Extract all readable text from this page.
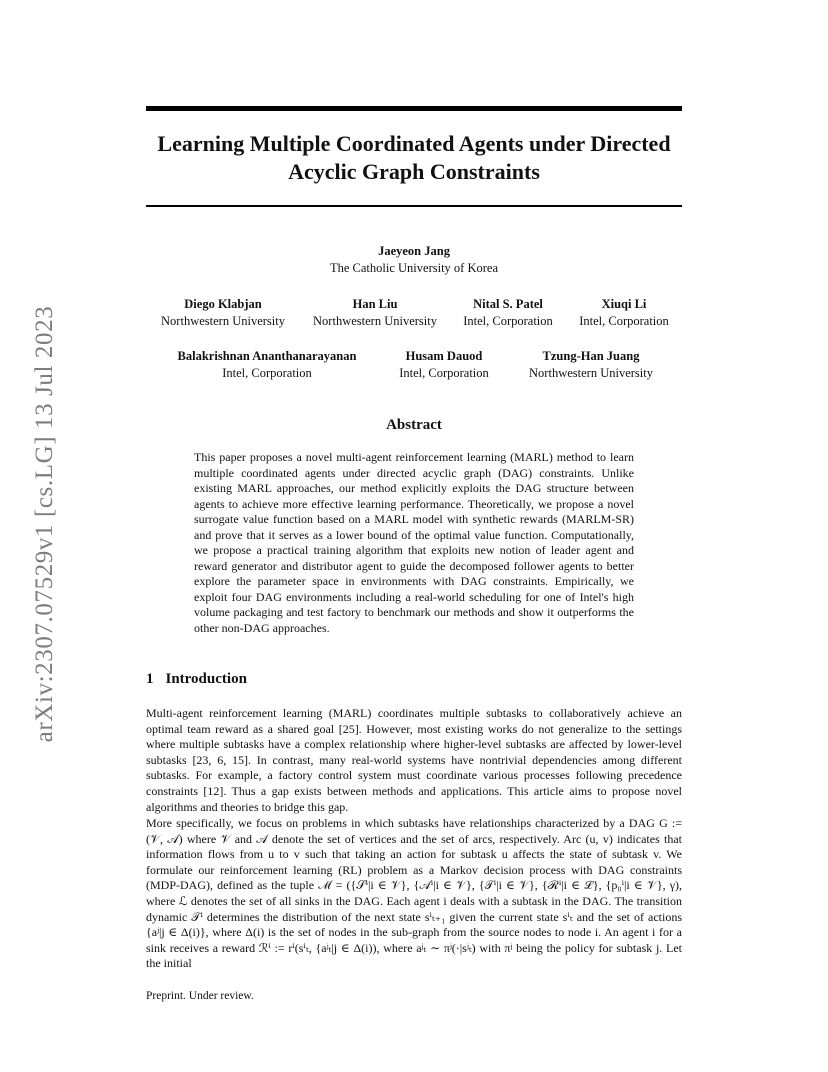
arXiv:2307.07529v1 [cs.LG] 13 Jul 2023
Learning Multiple Coordinated Agents under Directed
Acyclic Graph Constraints
Jaeyeon Jang
The Catholic University of Korea
Diego Klabjan
Northwestern University
Han Liu
Northwestern University
Nital S. Patel
Intel, Corporation
Xiuqi Li
Intel, Corporation
Balakrishnan Ananthanarayanan
Intel, Corporation
Husam Dauod
Intel, Corporation
Tzung-Han Juang
Northwestern University
Abstract

This paper proposes a novel multi-agent reinforcement learning (MARL) method to learn multiple coordinated agents under directed acyclic graph (DAG) constraints. Unlike existing MARL approaches, our method explicitly exploits the DAG structure between agents to achieve more effective learning performance. Theoretically, we propose a novel surrogate value function based on a MARL model with synthetic rewards (MARLM-SR) and prove that it serves as a lower bound of the optimal value function. Computationally, we propose a practical training algorithm that exploits new notion of leader agent and reward generator and distributor agent to guide the decomposed follower agents to better explore the parameter space in environments with DAG constraints. Empirically, we exploit four DAG environments including a real-world scheduling for one of Intel's high volume packaging and test factory to benchmark our methods and show it outperforms the other non-DAG approaches.

1 Introduction

Multi-agent reinforcement learning (MARL) coordinates multiple subtasks to collaboratively achieve an optimal team reward as a shared goal [25]. However, most existing works do not generalize to the settings where multiple subtasks have a complex relationship where higher-level subtasks are affected by lower-level subtasks [23, 6, 15]. In contrast, many real-world systems have nontrivial dependencies among different subtasks. For example, a factory control system must coordinate various processes following precedence constraints [12]. Thus a gap exists between methods and applications. This article aims to propose novel algorithms and theories to bridge this gap.

More specifically, we focus on problems in which subtasks have relationships characterized by a DAG G := (𝒱, 𝒜) where 𝒱 and 𝒜 denote the set of vertices and the set of arcs, respectively. Arc (u, v) indicates that information flows from u to v such that taking an action for subtask u affects the state of subtask v. We formulate our reinforcement learning (RL) problem as a Markov decision process with DAG constraints (MDP-DAG), defined as the tuple ℳ = ({𝒮ⁱ|i ∈ 𝒱}, {𝒜ⁱ|i ∈ 𝒱}, {𝒯ⁱ|i ∈ 𝒱}, {ℛⁱ|i ∈ ℒ}, {p₀ⁱ|i ∈ 𝒱}, γ), where ℒ denotes the set of all sinks in the DAG. Each agent i deals with a subtask in the DAG. The transition dynamic 𝒯ⁱ determines the distribution of the next state sⁱₜ₊₁ given the current state sⁱₜ and the set of actions {aʲ|j ∈ Δ(i)}, where Δ(i) is the set of nodes in the sub-graph from the source nodes to node i. An agent i for a sink receives a reward ℛⁱ := rⁱ(sⁱₜ, {aʲₜ|j ∈ Δ(i)), where aʲₜ ∼ πʲ(·|sʲₜ) with πʲ being the policy for subtask j. Let the initial

Preprint. Under review.
